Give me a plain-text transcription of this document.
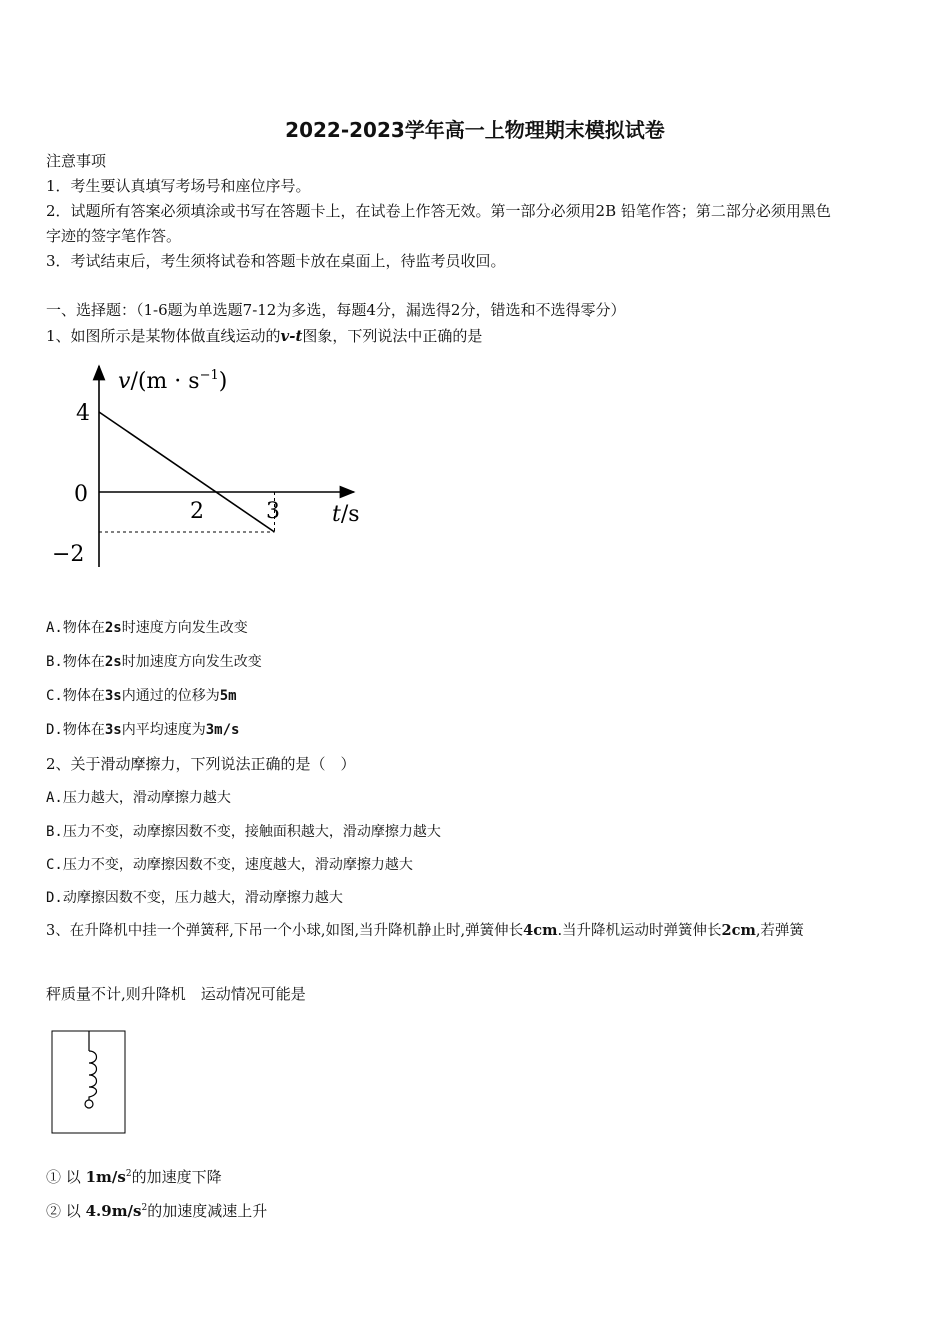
2022-2023学年高一上物理期末模拟试卷
注意事项
1．考生要认真填写考场号和座位序号。
2．试题所有答案必须填涂或书写在答题卡上，在试卷上作答无效。第一部分必须用2B 铅笔作答；第二部分必须用黑色
字迹的签字笔作答。
3．考试结束后，考生须将试卷和答题卡放在桌面上，待监考员收回。
一、选择题：（1-6题为单选题7-12为多选，每题4分，漏选得2分，错选和不选得零分）
1、如图所示是某物体做直线运动的v-t图象，下列说法中正确的是
$v/(m \cdot s^{-1})$
t/s
4
0
−2
2	3
A.物体在2s时速度方向发生改变
B.物体在2s时加速度方向发生改变
C.物体在3s内通过的位移为5m
D.物体在3s内平均速度为3m/s
2、关于滑动摩擦力，下列说法正确的是（　）
A.压力越大，滑动摩擦力越大
B.压力不变，动摩擦因数不变，接触面积越大，滑动摩擦力越大
C.压力不变，动摩擦因数不变，速度越大，滑动摩擦力越大
D.动摩擦因数不变，压力越大，滑动摩擦力越大
3、在升降机中挂一个弹簧秤,下吊一个小球,如图,当升降机静止时,弹簧伸长4cm.当升降机运动时弹簧伸长2cm,若弹簧
秤质量不计,则升降机　运动情况可能是
① 以 $1m/s^2$的加速度下降
② 以 $4.9m/s^2$的加速度减速上升
